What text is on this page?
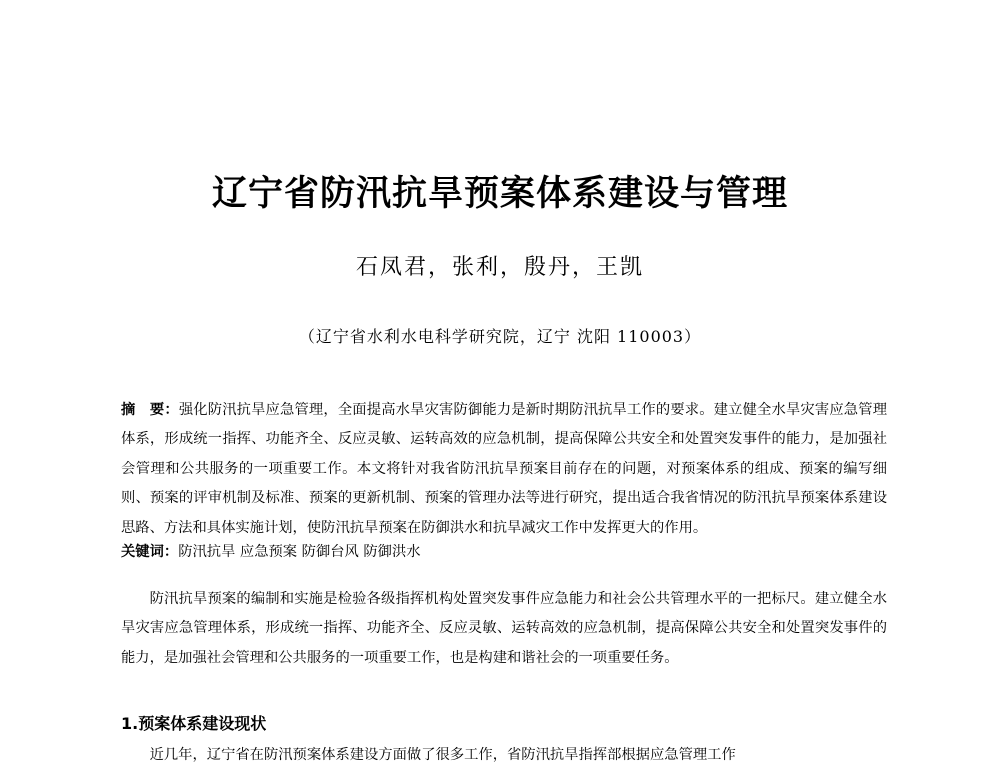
辽宁省防汛抗旱预案体系建设与管理
石凤君，张利，殷丹，王凯
（辽宁省水利水电科学研究院，辽宁 沈阳 110003）

摘　要：强化防汛抗旱应急管理，全面提高水旱灾害防御能力是新时期防汛抗旱工作的要求。建立健全水旱灾害应急管理体系，形成统一指挥、功能齐全、反应灵敏、运转高效的应急机制，提高保障公共安全和处置突发事件的能力，是加强社会管理和公共服务的一项重要工作。本文将针对我省防汛抗旱预案目前存在的问题，对预案体系的组成、预案的编写细则、预案的评审机制及标准、预案的更新机制、预案的管理办法等进行研究，提出适合我省情况的防汛抗旱预案体系建设思路、方法和具体实施计划，使防汛抗旱预案在防御洪水和抗旱减灾工作中发挥更大的作用。

关键词：防汛抗旱 应急预案 防御台风 防御洪水

防汛抗旱预案的编制和实施是检验各级指挥机构处置突发事件应急能力和社会公共管理水平的一把标尺。建立健全水旱灾害应急管理体系，形成统一指挥、功能齐全、反应灵敏、运转高效的应急机制，提高保障公共安全和处置突发事件的能力，是加强社会管理和公共服务的一项重要工作，也是构建和谐社会的一项重要任务。

1.预案体系建设现状

近几年，辽宁省在防汛预案体系建设方面做了很多工作，省防汛抗旱指挥部根据应急管理工作
